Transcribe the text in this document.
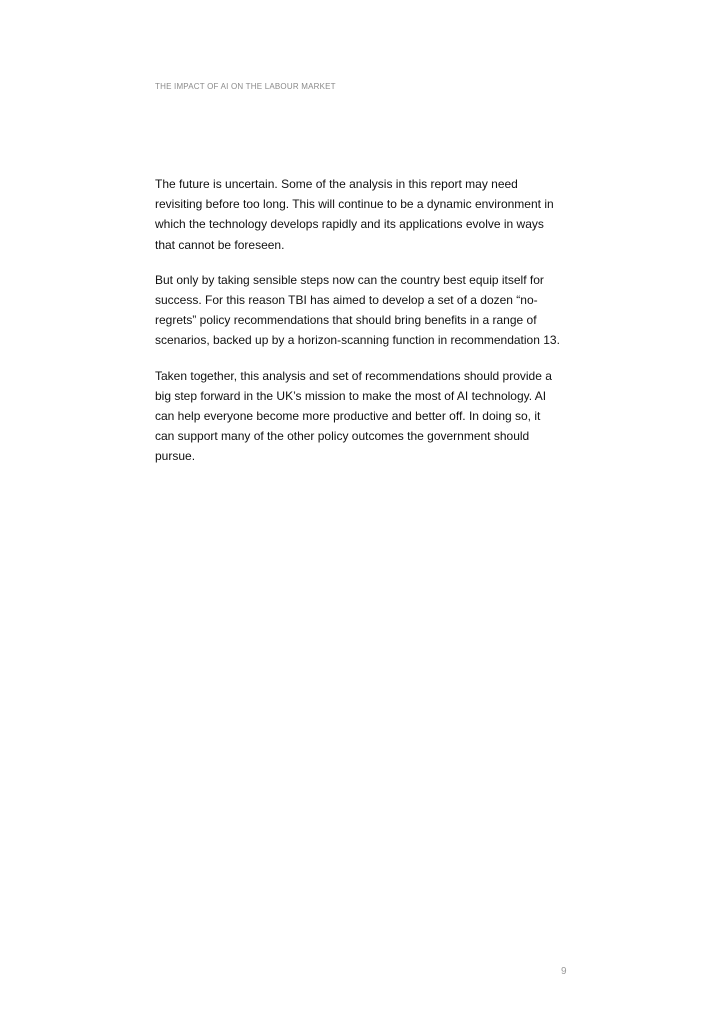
THE IMPACT OF AI ON THE LABOUR MARKET

The future is uncertain. Some of the analysis in this report may need
revisiting before too long. This will continue to be a dynamic environment in
which the technology develops rapidly and its applications evolve in ways
that cannot be foreseen.

But only by taking sensible steps now can the country best equip itself for
success. For this reason TBI has aimed to develop a set of a dozen “no-
regrets” policy recommendations that should bring benefits in a range of
scenarios, backed up by a horizon-scanning function in recommendation 13.

Taken together, this analysis and set of recommendations should provide a
big step forward in the UK’s mission to make the most of AI technology. AI
can help everyone become more productive and better off. In doing so, it
can support many of the other policy outcomes the government should
pursue.

9
